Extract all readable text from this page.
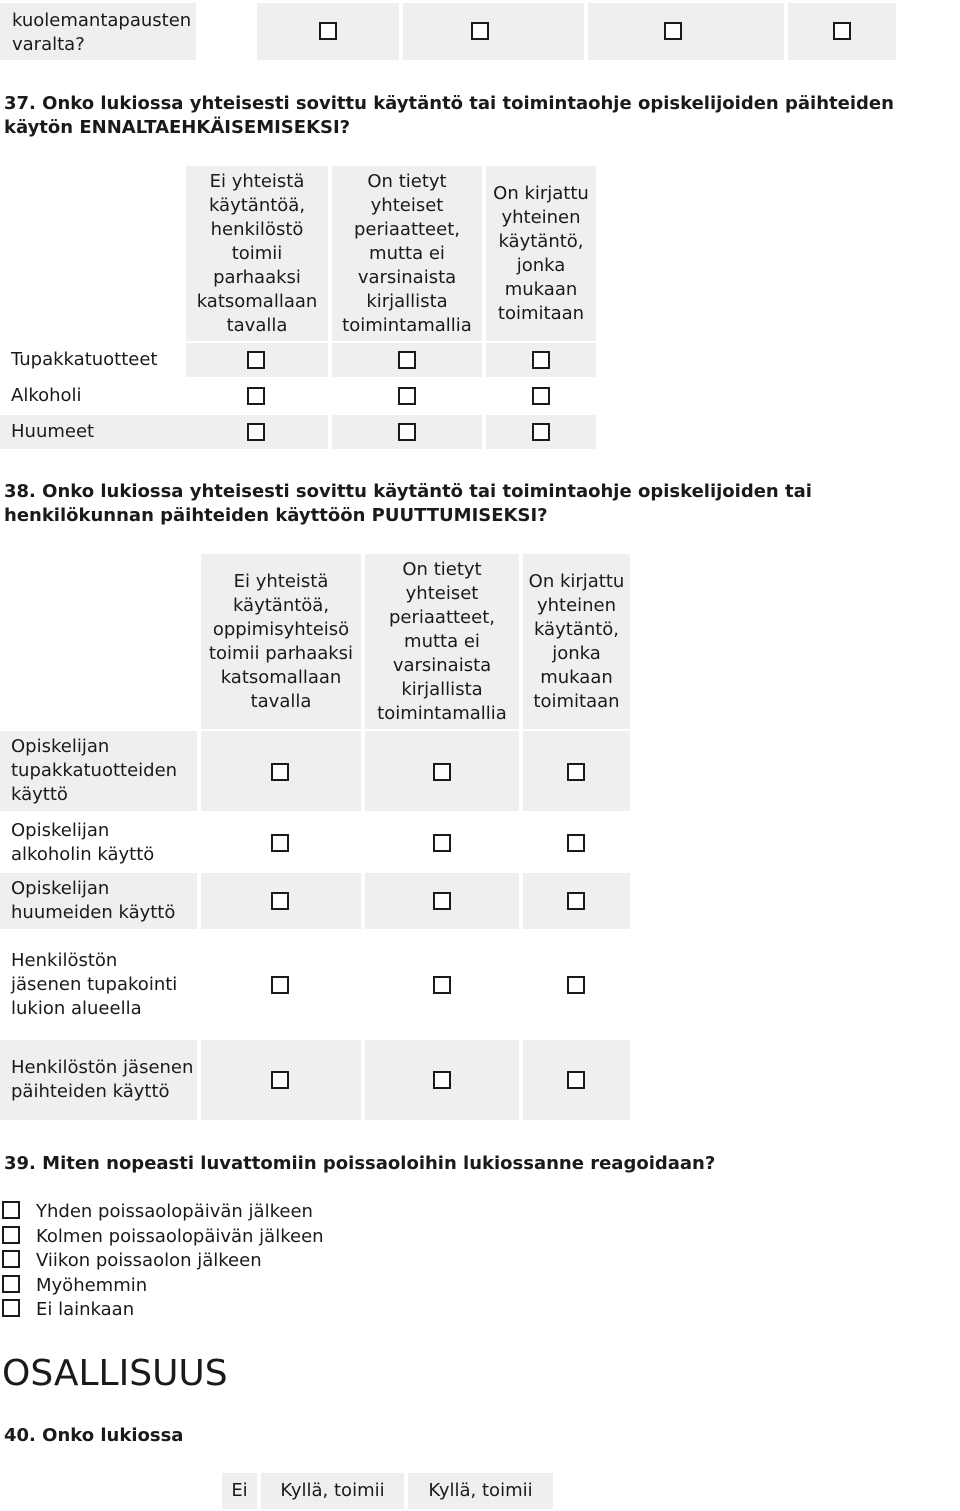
kuolemantapausten varalta?
37. Onko lukiossa yhteisesti sovittu käytäntö tai toimintaohje opiskelijoiden päihteiden käytön ENNALTAEHKÄISEMISEKSI?
Ei yhteistä käytäntöä, henkilöstö toimii parhaaksi katsomallaan tavalla
On tietyt yhteiset periaatteet, mutta ei varsinaista kirjallista toimintamallia
On kirjattu yhteinen käytäntö, jonka mukaan toimitaan
Tupakkatuotteet
Alkoholi
Huumeet
38. Onko lukiossa yhteisesti sovittu käytäntö tai toimintaohje opiskelijoiden tai henkilökunnan päihteiden käyttöön PUUTTUMISEKSI?
Ei yhteistä käytäntöä, oppimisyhteisö toimii parhaaksi katsomallaan tavalla
On tietyt yhteiset periaatteet, mutta ei varsinaista kirjallista toimintamallia
On kirjattu yhteinen käytäntö, jonka mukaan toimitaan
Opiskelijan tupakkatuotteiden käyttö
Opiskelijan alkoholin käyttö
Opiskelijan huumeiden käyttö
Henkilöstön jäsenen tupakointi lukion alueella
Henkilöstön jäsenen päihteiden käyttö
39. Miten nopeasti luvattomiin poissaoloihin lukiossanne reagoidaan?
Yhden poissaolopäivän jälkeen
Kolmen poissaolopäivän jälkeen
Viikon poissaolon jälkeen
Myöhemmin
Ei lainkaan
OSALLISUUS
40. Onko lukiossa
Ei Kyllä, toimii Kyllä, toimii
